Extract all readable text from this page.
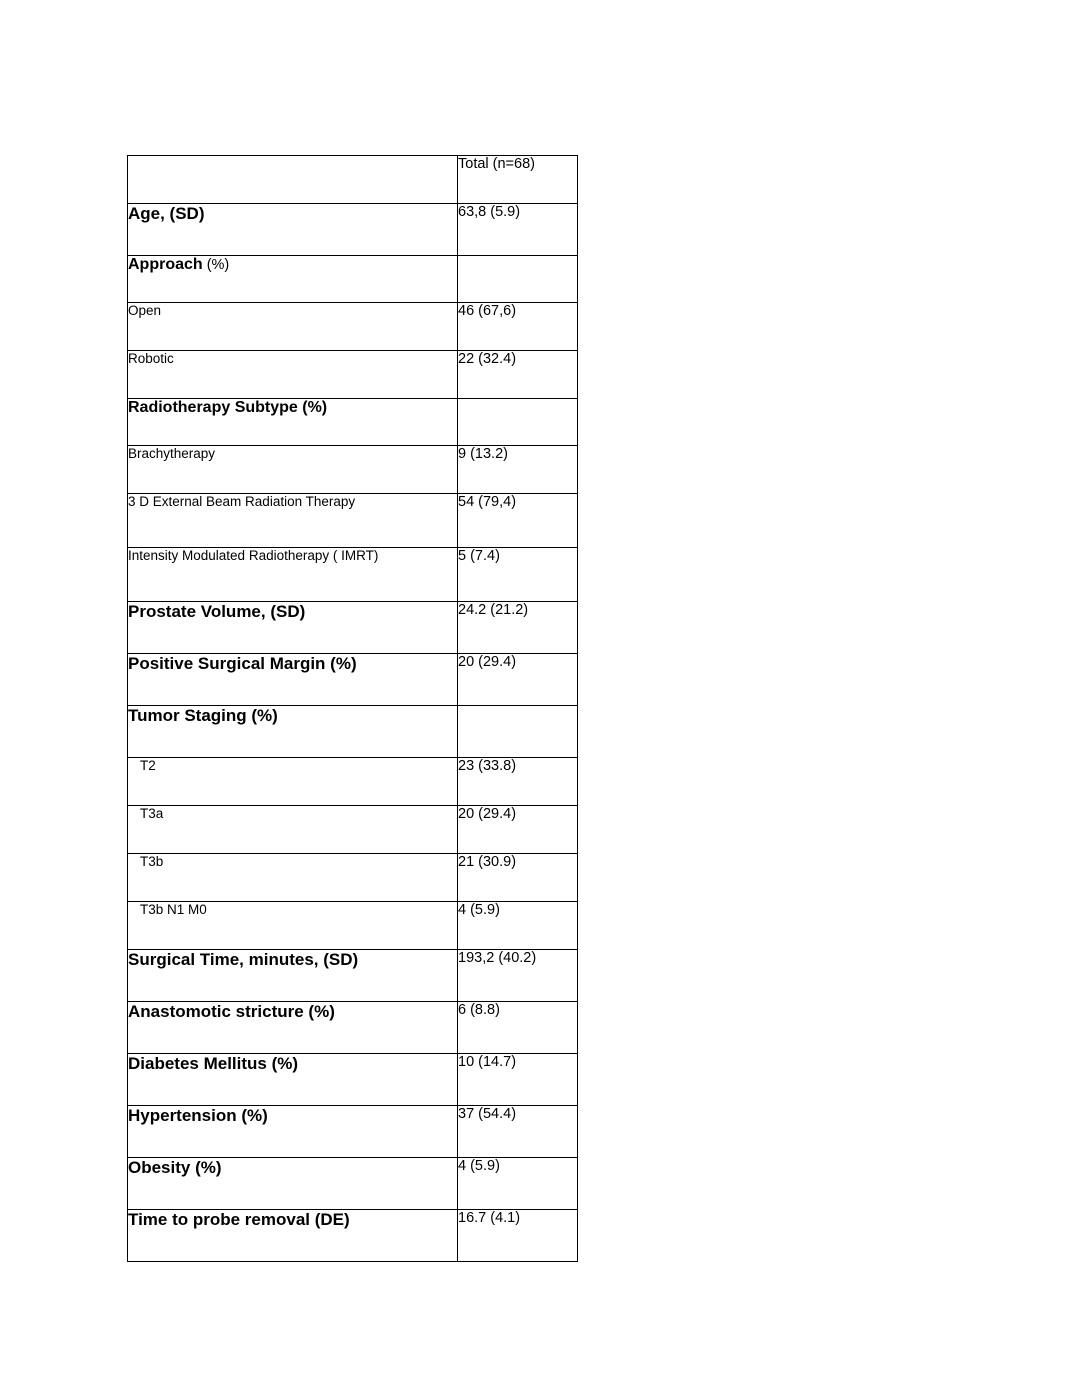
	Total (n=68)
Age, (SD)	63,8 (5.9)
Approach (%)	
Open	46 (67,6)
Robotic	22 (32.4)
Radiotherapy Subtype (%)	
Brachytherapy	9 (13.2)
3 D External Beam Radiation Therapy	54 (79,4)
Intensity Modulated Radiotherapy ( IMRT)	5 (7.4)
Prostate Volume, (SD)	24.2 (21.2)
Positive Surgical Margin (%)	20 (29.4)
Tumor Staging (%)	
T2	23 (33.8)
T3a	20 (29.4)
T3b	21 (30.9)
T3b N1 M0	4 (5.9)
Surgical Time, minutes, (SD)	193,2 (40.2)
Anastomotic stricture (%)	6 (8.8)
Diabetes Mellitus (%)	10 (14.7)
Hypertension (%)	37 (54.4)
Obesity (%)	4 (5.9)
Time to probe removal (DE)	16.7 (4.1)
